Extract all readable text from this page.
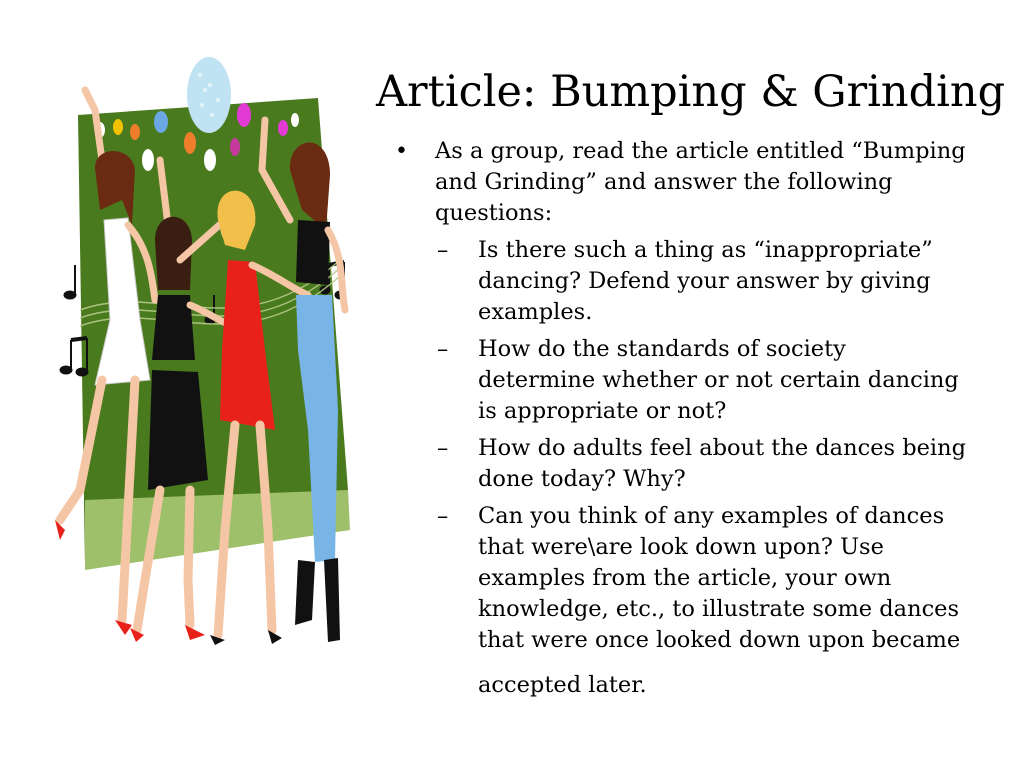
Article: Bumping & Grinding
•	As a group, read the article entitled “Bumping and Grinding” and answer the following questions:
–	Is there such a thing as “inappropriate” dancing? Defend your answer by giving examples.
–	How do the standards of society determine whether or not certain dancing is appropriate or not?
–	How do adults feel about the dances being done today? Why?
–	Can you think of any examples of dances that were\are look down upon? Use examples from the article, your own knowledge, etc., to illustrate some dances that were once looked down upon became
accepted later.
